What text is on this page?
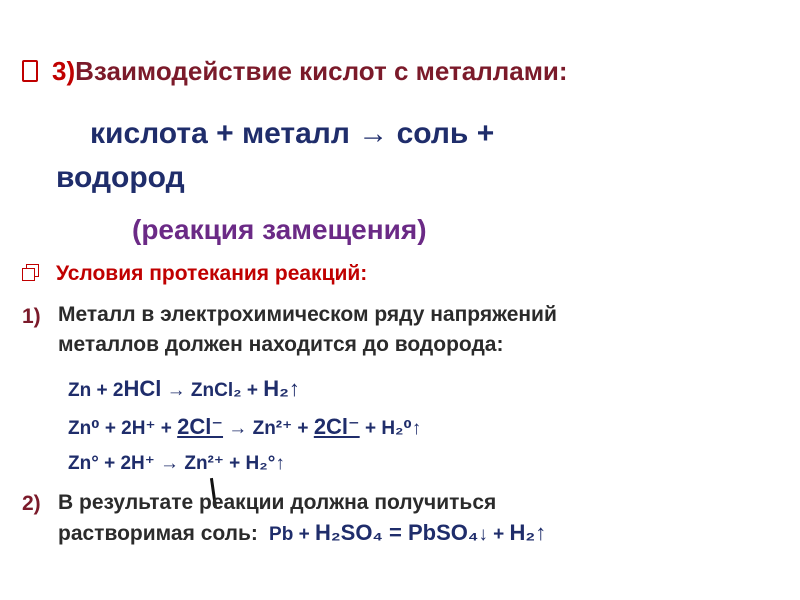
3)Взаимодействие кислот с металлами:
кислота + металл → соль +
водород
(реакция замещения)
Условия протекания реакций:
1) Металл в электрохимическом ряду напряжений
металлов должен находится до водорода:
Zn + 2HCl → ZnCl₂ + H₂↑
Zn⁰ + 2H⁺ + 2Cl⁻ → Zn²⁺ + 2Cl⁻ + H₂⁰↑
Zn° + 2H⁺ → Zn²⁺ + H₂°↑
2) В результате реакции должна получиться
растворимая соль: Pb + H₂SO₄ = PbSO₄↓ + H₂↑
